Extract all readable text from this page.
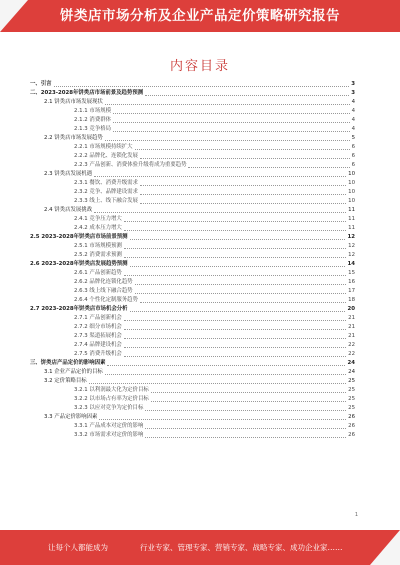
饼类店市场分析及企业产品定价策略研究报告
内容目录
一、引言	3
二、2023-2028年饼类店市场前景及趋势预测	3
2.1 饼类店市场发展现状	4
2.1.1 市场规模	4
2.1.2 消费群体	4
2.1.3 竞争格局	4
2.2 饼类店市场发展趋势	5
2.2.1 市场规模持续扩大	6
2.2.2 品牌化、连锁化发展	6
2.2.3 产品创新、消费体验升级将成为重要趋势	6
2.3 饼类店发展机遇	10
2.3.1 餐饮、消费升级需求	10
2.3.2 竞争、品牌建设需求	10
2.3.3 线上、线下融合发展	10
2.4 饼类店发展挑战	11
2.4.1 竞争压力增大	11
2.4.2 成本压力增大	11
2.5 2023-2028年饼类店市场前景预测	12
2.5.1 市场规模预测	12
2.5.2 消费需求预测	12
2.6 2023-2028年饼类店发展趋势预测	14
2.6.1 产品创新趋势	15
2.6.2 品牌化连锁化趋势	16
2.6.3 线上线下融合趋势	17
2.6.4 个性化定制服务趋势	18
2.7 2023-2028年饼类店市场机会分析	20
2.7.1 产品创新机会	21
2.7.2 细分市场机会	21
2.7.3 渠道拓展机会	21
2.7.4 品牌建设机会	22
2.7.5 消费升级机会	22
三、饼类店产品定价的影响因素	24
3.1 企业产品定价的目标	24
3.2 定价策略目标	25
3.2.1 以利润最大化为定价目标	25
3.2.2 以市场占有率为定价目标	25
3.2.3 以应对竞争为定价目标	25
3.3 产品定价影响因素	26
3.3.1 产品成本对定价的影响	26
3.3.2 市场需求对定价的影响	26
1
让每个人都能成为	行业专家、管理专家、营销专家、战略专家、成功企业家……
